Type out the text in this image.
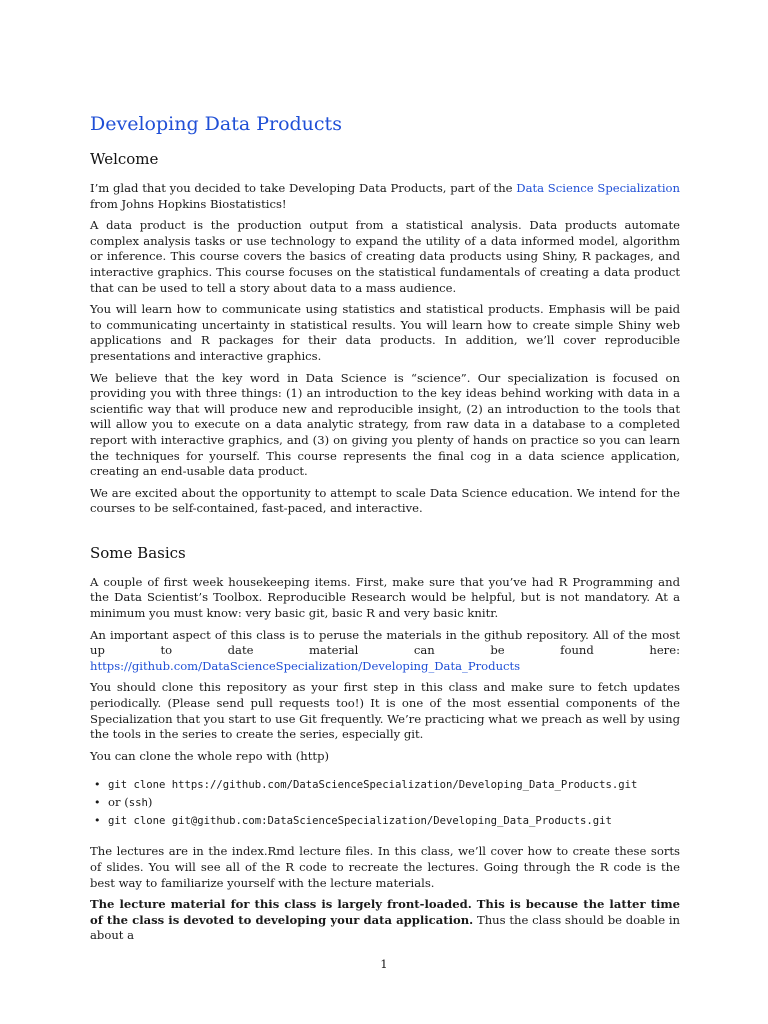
Developing Data Products
Welcome

I’m glad that you decided to take Developing Data Products, part of the Data Science Specialization from Johns Hopkins Biostatistics!

A data product is the production output from a statistical analysis. Data products automate complex analysis tasks or use technology to expand the utility of a data informed model, algorithm or inference. This course covers the basics of creating data products using Shiny, R packages, and interactive graphics. This course focuses on the statistical fundamentals of creating a data product that can be used to tell a story about data to a mass audience.

You will learn how to communicate using statistics and statistical products. Emphasis will be paid to communicating uncertainty in statistical results. You will learn how to create simple Shiny web applications and R packages for their data products. In addition, we’ll cover reproducible presentations and interactive graphics.

We believe that the key word in Data Science is “science”. Our specialization is focused on providing you with three things: (1) an introduction to the key ideas behind working with data in a scientific way that will produce new and reproducible insight, (2) an introduction to the tools that will allow you to execute on a data analytic strategy, from raw data in a database to a completed report with interactive graphics, and (3) on giving you plenty of hands on practice so you can learn the techniques for yourself. This course represents the final cog in a data science application, creating an end-usable data product.

We are excited about the opportunity to attempt to scale Data Science education. We intend for the courses to be self-contained, fast-paced, and interactive.

Some Basics

A couple of first week housekeeping items. First, make sure that you’ve had R Programming and the Data Scientist’s Toolbox. Reproducible Research would be helpful, but is not mandatory. At a minimum you must know: very basic git, basic R and very basic knitr.

An important aspect of this class is to peruse the materials in the github repository. All of the most up to date material can be found here: https://github.com/DataScienceSpecialization/Developing_Data_Products

You should clone this repository as your first step in this class and make sure to fetch updates periodically. (Please send pull requests too!) It is one of the most essential components of the Specialization that you start to use Git frequently. We’re practicing what we preach as well by using the tools in the series to create the series, especially git.

You can clone the whole repo with (http)

• git clone https://github.com/DataScienceSpecialization/Developing_Data_Products.git
• or (ssh)
• git clone git@github.com:DataScienceSpecialization/Developing_Data_Products.git

The lectures are in the index.Rmd lecture files. In this class, we’ll cover how to create these sorts of slides. You will see all of the R code to recreate the lectures. Going through the R code is the best way to familiarize yourself with the lecture materials.

The lecture material for this class is largely front-loaded. This is because the latter time of the class is devoted to developing your data application. Thus the class should be doable in about a

1
